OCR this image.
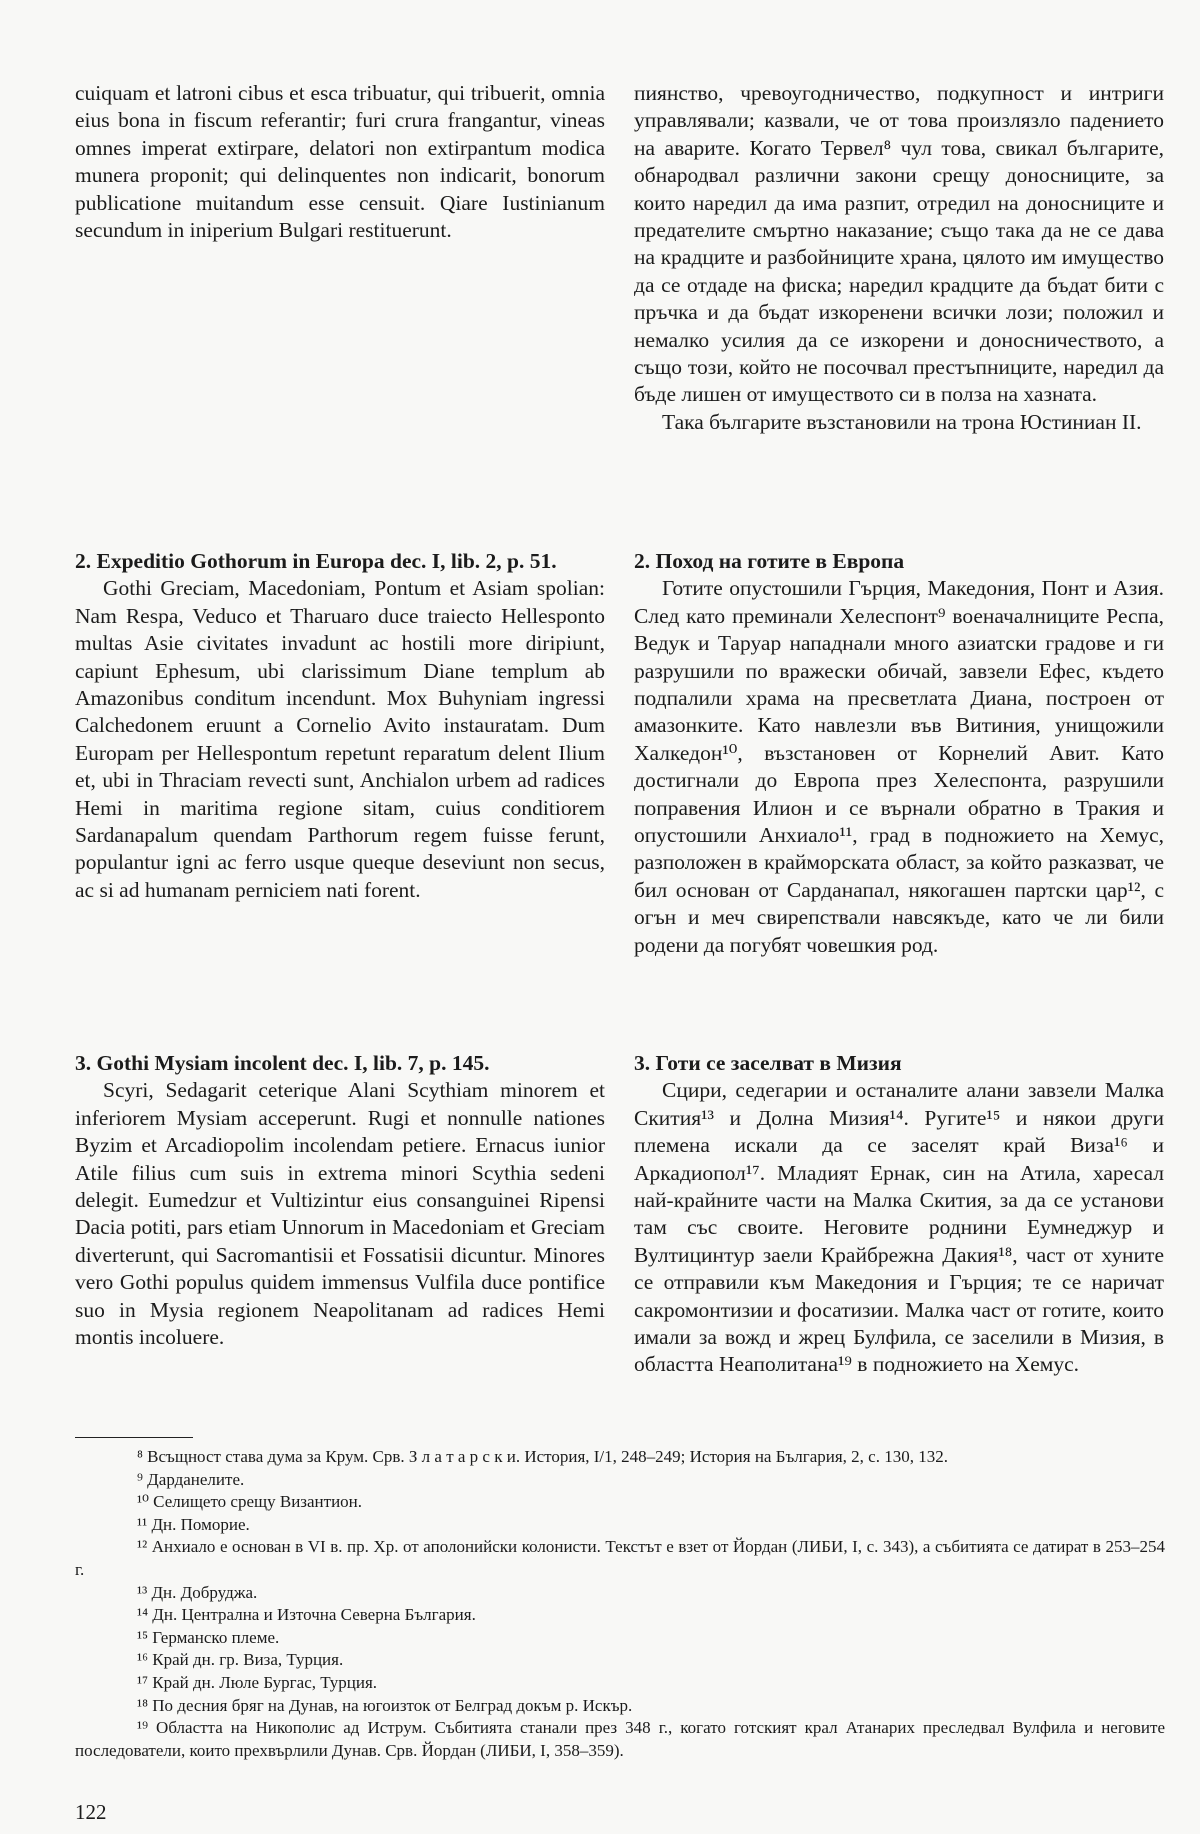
cuiquam et latroni cibus et esca tribuatur, qui tribuerit, omnia eius bona in fiscum referantir; furi crura frangantur, vineas omnes imperat extirpare, delatori non extirpantum modica munera proponit; qui delinquentes non indicarit, bonorum publicatione muitandum esse censuit. Qiare Iustinianum secundum in iniperium Bulgari restituerunt.

пиянство, чревоугодничество, подкупност и интриги управлявали; казвали, че от това произлязло падението на аварите. Когато Тервел⁸ чул това, свикал българите, обнародвал различни закони срещу доносниците, за които наредил да има разпит, отредил на доносниците и предателите смъртно наказание; също така да не се дава на крадците и разбойниците храна, цялото им имущество да се отдаде на фиска; наредил крадците да бъдат бити с пръчка и да бъдат изкоренени всички лози; положил и немалко усилия да се изкорени и доносничеството, а също този, който не посочвал престъпниците, наредил да бъде лишен от имуществото си в полза на хазната.

Така българите възстановили на трона Юстиниан II.

2. Expeditio Gothorum in Europa dec. I, lib. 2, p. 51.

Gothi Greciam, Macedoniam, Pontum et Asiam spolian: Nam Respa, Veduco et Tharuaro duce traiecto Hellesponto multas Asie civitates invadunt ac hostili more diripiunt, capiunt Ephesum, ubi clarissimum Diane templum ab Amazonibus conditum incendunt. Mox Buhyniam ingressi Calchedonem eruunt a Cornelio Avito instauratam. Dum Europam per Hellespontum repetunt reparatum delent Ilium et, ubi in Thraciam revecti sunt, Anchialon urbem ad radices Hemi in maritima regione sitam, cuius conditiorem Sardanapalum quendam Parthorum regem fuisse ferunt, populantur igni ac ferro usque queque deseviunt non secus, ac si ad humanam perniciem nati forent.

2. Поход на готите в Европа

Готите опустошили Гърция, Македония, Понт и Азия. След като преминали Хелеспонт⁹ военачалниците Респа, Ведук и Таруар нападнали много азиатски градове и ги разрушили по вражески обичай, завзели Ефес, където подпалили храма на пресветлата Диана, построен от амазонките. Като навлезли във Витиния, унищожили Халкедон¹⁰, възстановен от Корнелий Авит. Като достигнали до Европа през Хелеспонта, разрушили поправения Илион и се върнали обратно в Тракия и опустошили Анхиало¹¹, град в подножието на Хемус, разположен в крайморската област, за който разказват, че бил основан от Сарданапал, някогашен партски цар¹², с огън и меч свирепствали навсякъде, като че ли били родени да погубят човешкия род.

3. Gothi Mysiam incolent dec. I, lib. 7, p. 145.

Scyri, Sedagarit ceterique Alani Scythiam minorem et inferiorem Mysiam acceperunt. Rugi et nonnulle nationes Byzim et Arcadiopolim incolendam petiere. Ernacus iunior Atile filius cum suis in extrema minori Scythia sedeni delegit. Eumedzur et Vultizintur eius consanguinei Ripensi Dacia potiti, pars etiam Unnorum in Macedoniam et Greciam diverterunt, qui Sacromantisii et Fossatisii dicuntur. Minores vero Gothi populus quidem immensus Vulfila duce pontifice suo in Mysia regionem Neapolitanam ad radices Hemi montis incoluere.

3. Готи се заселват в Мизия

Сцири, седегарии и останалите алани завзели Малка Скития¹³ и Долна Мизия¹⁴. Ругите¹⁵ и някои други племена искали да се заселят край Виза¹⁶ и Аркадиопол¹⁷. Младият Ернак, син на Атила, харесал най-крайните части на Малка Скития, за да се установи там със своите. Неговите роднини Еумнеджур и Вултицинтур заели Крайбрежна Дакия¹⁸, част от хуните се отправили към Македония и Гърция; те се наричат сакромонтизии и фосатизии. Малка част от готите, които имали за вожд и жрец Булфила, се заселили в Мизия, в областта Неаполитана¹⁹ в подножието на Хемус.

⁸ Всъщност става дума за Крум. Срв. З л а т а р с к и. История, I/1, 248–249; История на България, 2, с. 130, 132.

⁹ Дарданелите.

¹⁰ Селището срещу Византион.

¹¹ Дн. Поморие.

¹² Анхиало е основан в VI в. пр. Хр. от аполонийски колонисти. Текстът е взет от Йордан (ЛИБИ, I, с. 343), а събитията се датират в 253–254 г.

¹³ Дн. Добруджа.

¹⁴ Дн. Централна и Източна Северна България.

¹⁵ Германско племе.

¹⁶ Край дн. гр. Виза, Турция.

¹⁷ Край дн. Люле Бургас, Турция.

¹⁸ По десния бряг на Дунав, на югоизток от Белград докъм р. Искър.

¹⁹ Областта на Никополис ад Иструм. Събитията станали през 348 г., когато готският крал Атанарих преследвал Вулфила и неговите последователи, които прехвърлили Дунав. Срв. Йордан (ЛИБИ, I, 358–359).

122
